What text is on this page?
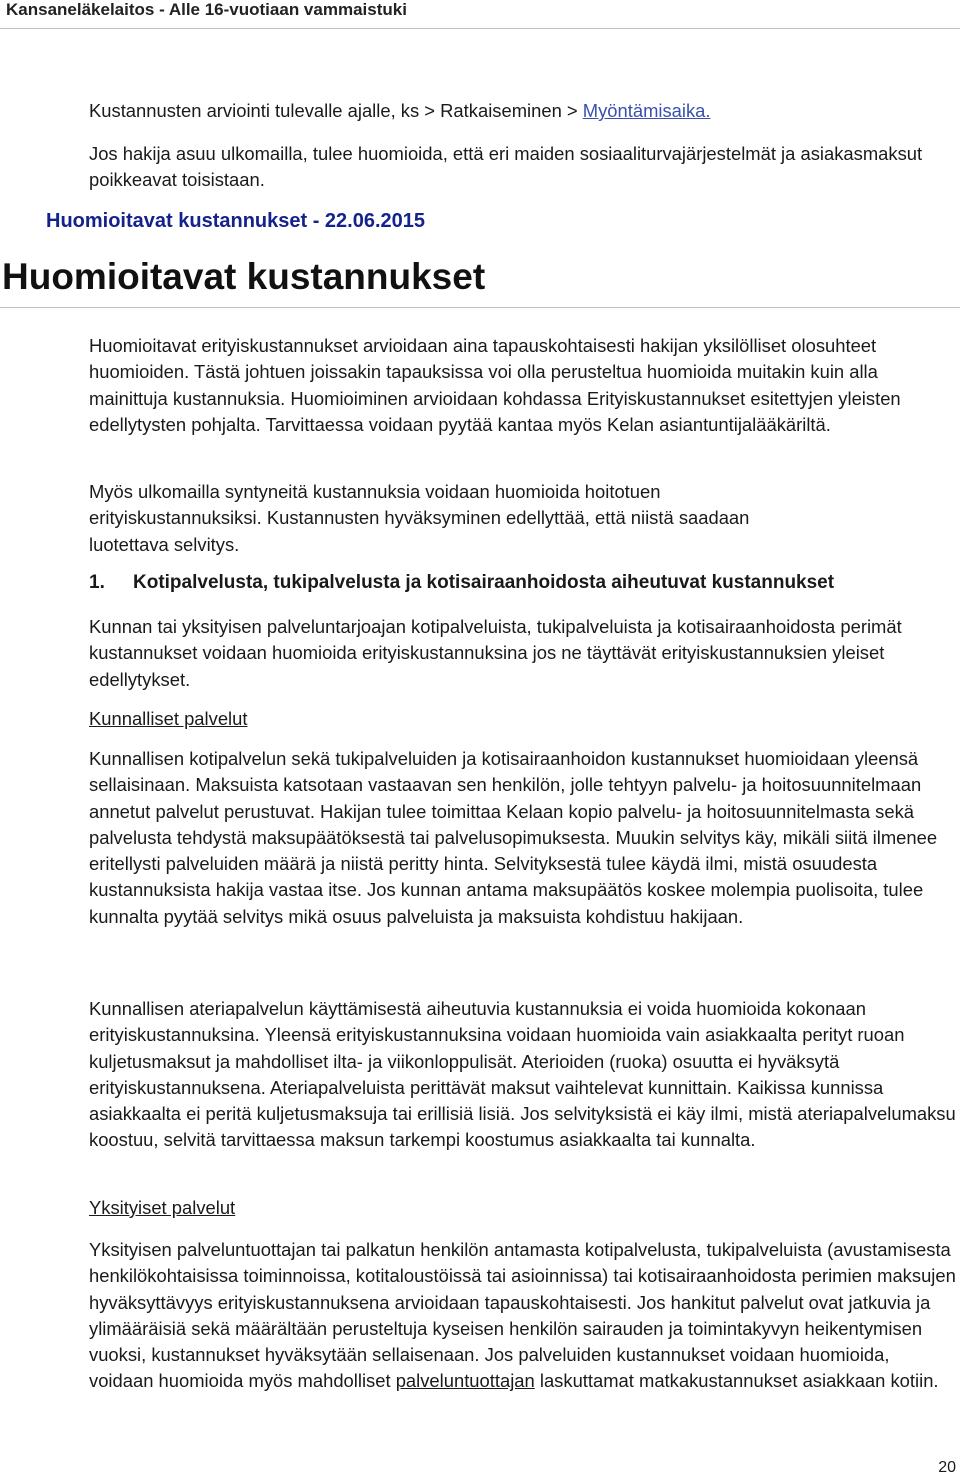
Kansaneläkelaitos - Alle 16-vuotiaan vammaistuki

Kustannusten arviointi tulevalle ajalle, ks > Ratkaiseminen > Myöntämisaika.

Jos hakija asuu ulkomailla, tulee huomioida, että eri maiden sosiaaliturvajärjestelmät ja asiakasmaksut poikkeavat toisistaan.

Huomioitavat kustannukset - 22.06.2015
Huomioitavat kustannukset

Huomioitavat erityiskustannukset arvioidaan aina tapauskohtaisesti hakijan yksilölliset olosuhteet huomioiden. Tästä johtuen joissakin tapauksissa voi olla perusteltua huomioida muitakin kuin alla mainittuja kustannuksia. Huomioiminen arvioidaan kohdassa Erityiskustannukset esitettyjen yleisten edellytysten pohjalta. Tarvittaessa voidaan pyytää kantaa myös Kelan asiantuntijalääkäriltä.

Myös ulkomailla syntyneitä kustannuksia voidaan huomioida hoitotuen erityiskustannuksiksi. Kustannusten hyväksyminen edellyttää, että niistä saadaan luotettava selvitys.

1. Kotipalvelusta, tukipalvelusta ja kotisairaanhoidosta aiheutuvat kustannukset

Kunnan tai yksityisen palveluntarjoajan kotipalveluista, tukipalveluista ja kotisairaanhoidosta perimät kustannukset voidaan huomioida erityiskustannuksina jos ne täyttävät erityiskustannuksien yleiset edellytykset.

Kunnalliset palvelut

Kunnallisen kotipalvelun sekä tukipalveluiden ja kotisairaanhoidon kustannukset huomioidaan yleensä sellaisinaan. Maksuista katsotaan vastaavan sen henkilön, jolle tehtyyn palvelu- ja hoitosuunnitelmaan annetut palvelut perustuvat. Hakijan tulee toimittaa Kelaan kopio palvelu- ja hoitosuunnitelmasta sekä palvelusta tehdystä maksupäätöksestä tai palvelusopimuksesta. Muukin selvitys käy, mikäli siitä ilmenee eritellysti palveluiden määrä ja niistä peritty hinta. Selvityksestä tulee käydä ilmi, mistä osuudesta kustannuksista hakija vastaa itse. Jos kunnan antama maksupäätös koskee molempia puolisoita, tulee kunnalta pyytää selvitys mikä osuus palveluista ja maksuista kohdistuu hakijaan.

Kunnallisen ateriapalvelun käyttämisestä aiheutuvia kustannuksia ei voida huomioida kokonaan erityiskustannuksina. Yleensä erityiskustannuksina voidaan huomioida vain asiakkaalta perityt ruoan kuljetusmaksut ja mahdolliset ilta- ja viikonloppulisät. Aterioiden (ruoka) osuutta ei hyväksytä erityiskustannuksena. Ateriapalveluista perittävät maksut vaihtelevat kunnittain. Kaikissa kunnissa asiakkaalta ei peritä kuljetusmaksuja tai erillisiä lisiä. Jos selvityksistä ei käy ilmi, mistä ateriapalvelumaksu koostuu, selvitä tarvittaessa maksun tarkempi koostumus asiakkaalta tai kunnalta.

Yksityiset palvelut

Yksityisen palveluntuottajan tai palkatun henkilön antamasta kotipalvelusta, tukipalveluista (avustamisesta henkilökohtaisissa toiminnoissa, kotitaloustöissä tai asioinnissa) tai kotisairaanhoidosta perimien maksujen hyväksyttävyys erityiskustannuksena arvioidaan tapauskohtaisesti. Jos hankitut palvelut ovat jatkuvia ja ylimääräisiä sekä määrältään perusteltuja kyseisen henkilön sairauden ja toimintakyvyn heikentymisen vuoksi, kustannukset hyväksytään sellaisenaan. Jos palveluiden kustannukset voidaan huomioida, voidaan huomioida myös mahdolliset palveluntuottajan laskuttamat matkakustannukset asiakkaan kotiin.

20
